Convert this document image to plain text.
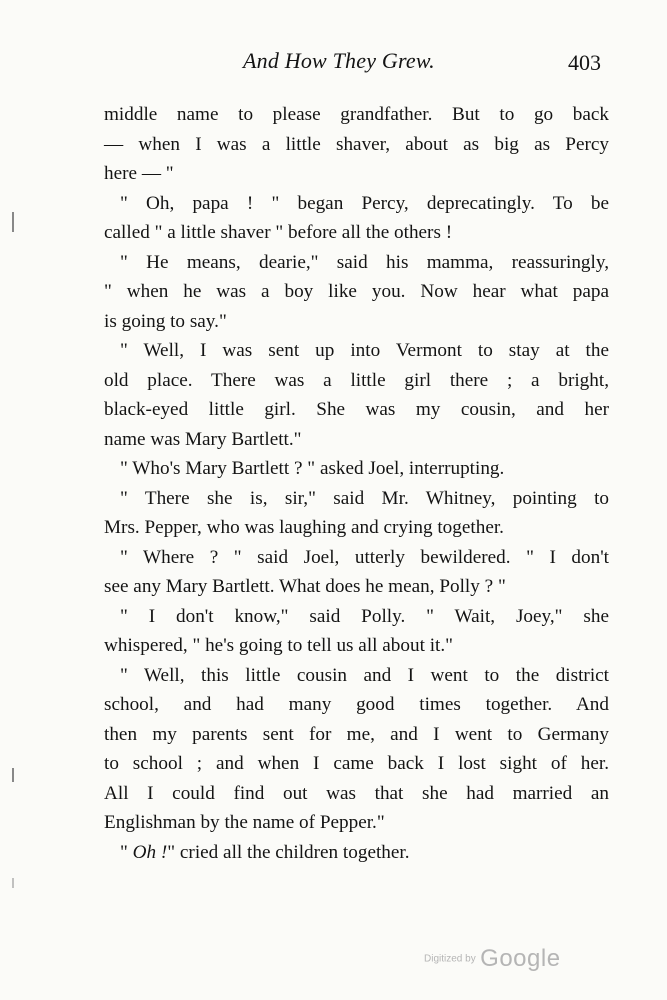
And How They Grew.	403
middle name to please grandfather. But to go back
— when I was a little shaver, about as big as Percy
here — "
" Oh, papa ! " began Percy, deprecatingly. To be
called " a little shaver " before all the others !
" He means, dearie," said his mamma, reassuringly,
" when he was a boy like you. Now hear what papa
is going to say."
" Well, I was sent up into Vermont to stay at the
old place. There was a little girl there ; a bright,
black-eyed little girl. She was my cousin, and her
name was Mary Bartlett."
" Who's Mary Bartlett ? " asked Joel, interrupting.
" There she is, sir," said Mr. Whitney, pointing to
Mrs. Pepper, who was laughing and crying together.
" Where ? " said Joel, utterly bewildered. " I don't
see any Mary Bartlett. What does he mean, Polly ? "
" I don't know," said Polly. " Wait, Joey," she
whispered, " he's going to tell us all about it."
" Well, this little cousin and I went to the district
school, and had many good times together. And
then my parents sent for me, and I went to Germany
to school ; and when I came back I lost sight of her.
All I could find out was that she had married an
Englishman by the name of Pepper."
" Oh !" cried all the children together.
Digitized by Google
